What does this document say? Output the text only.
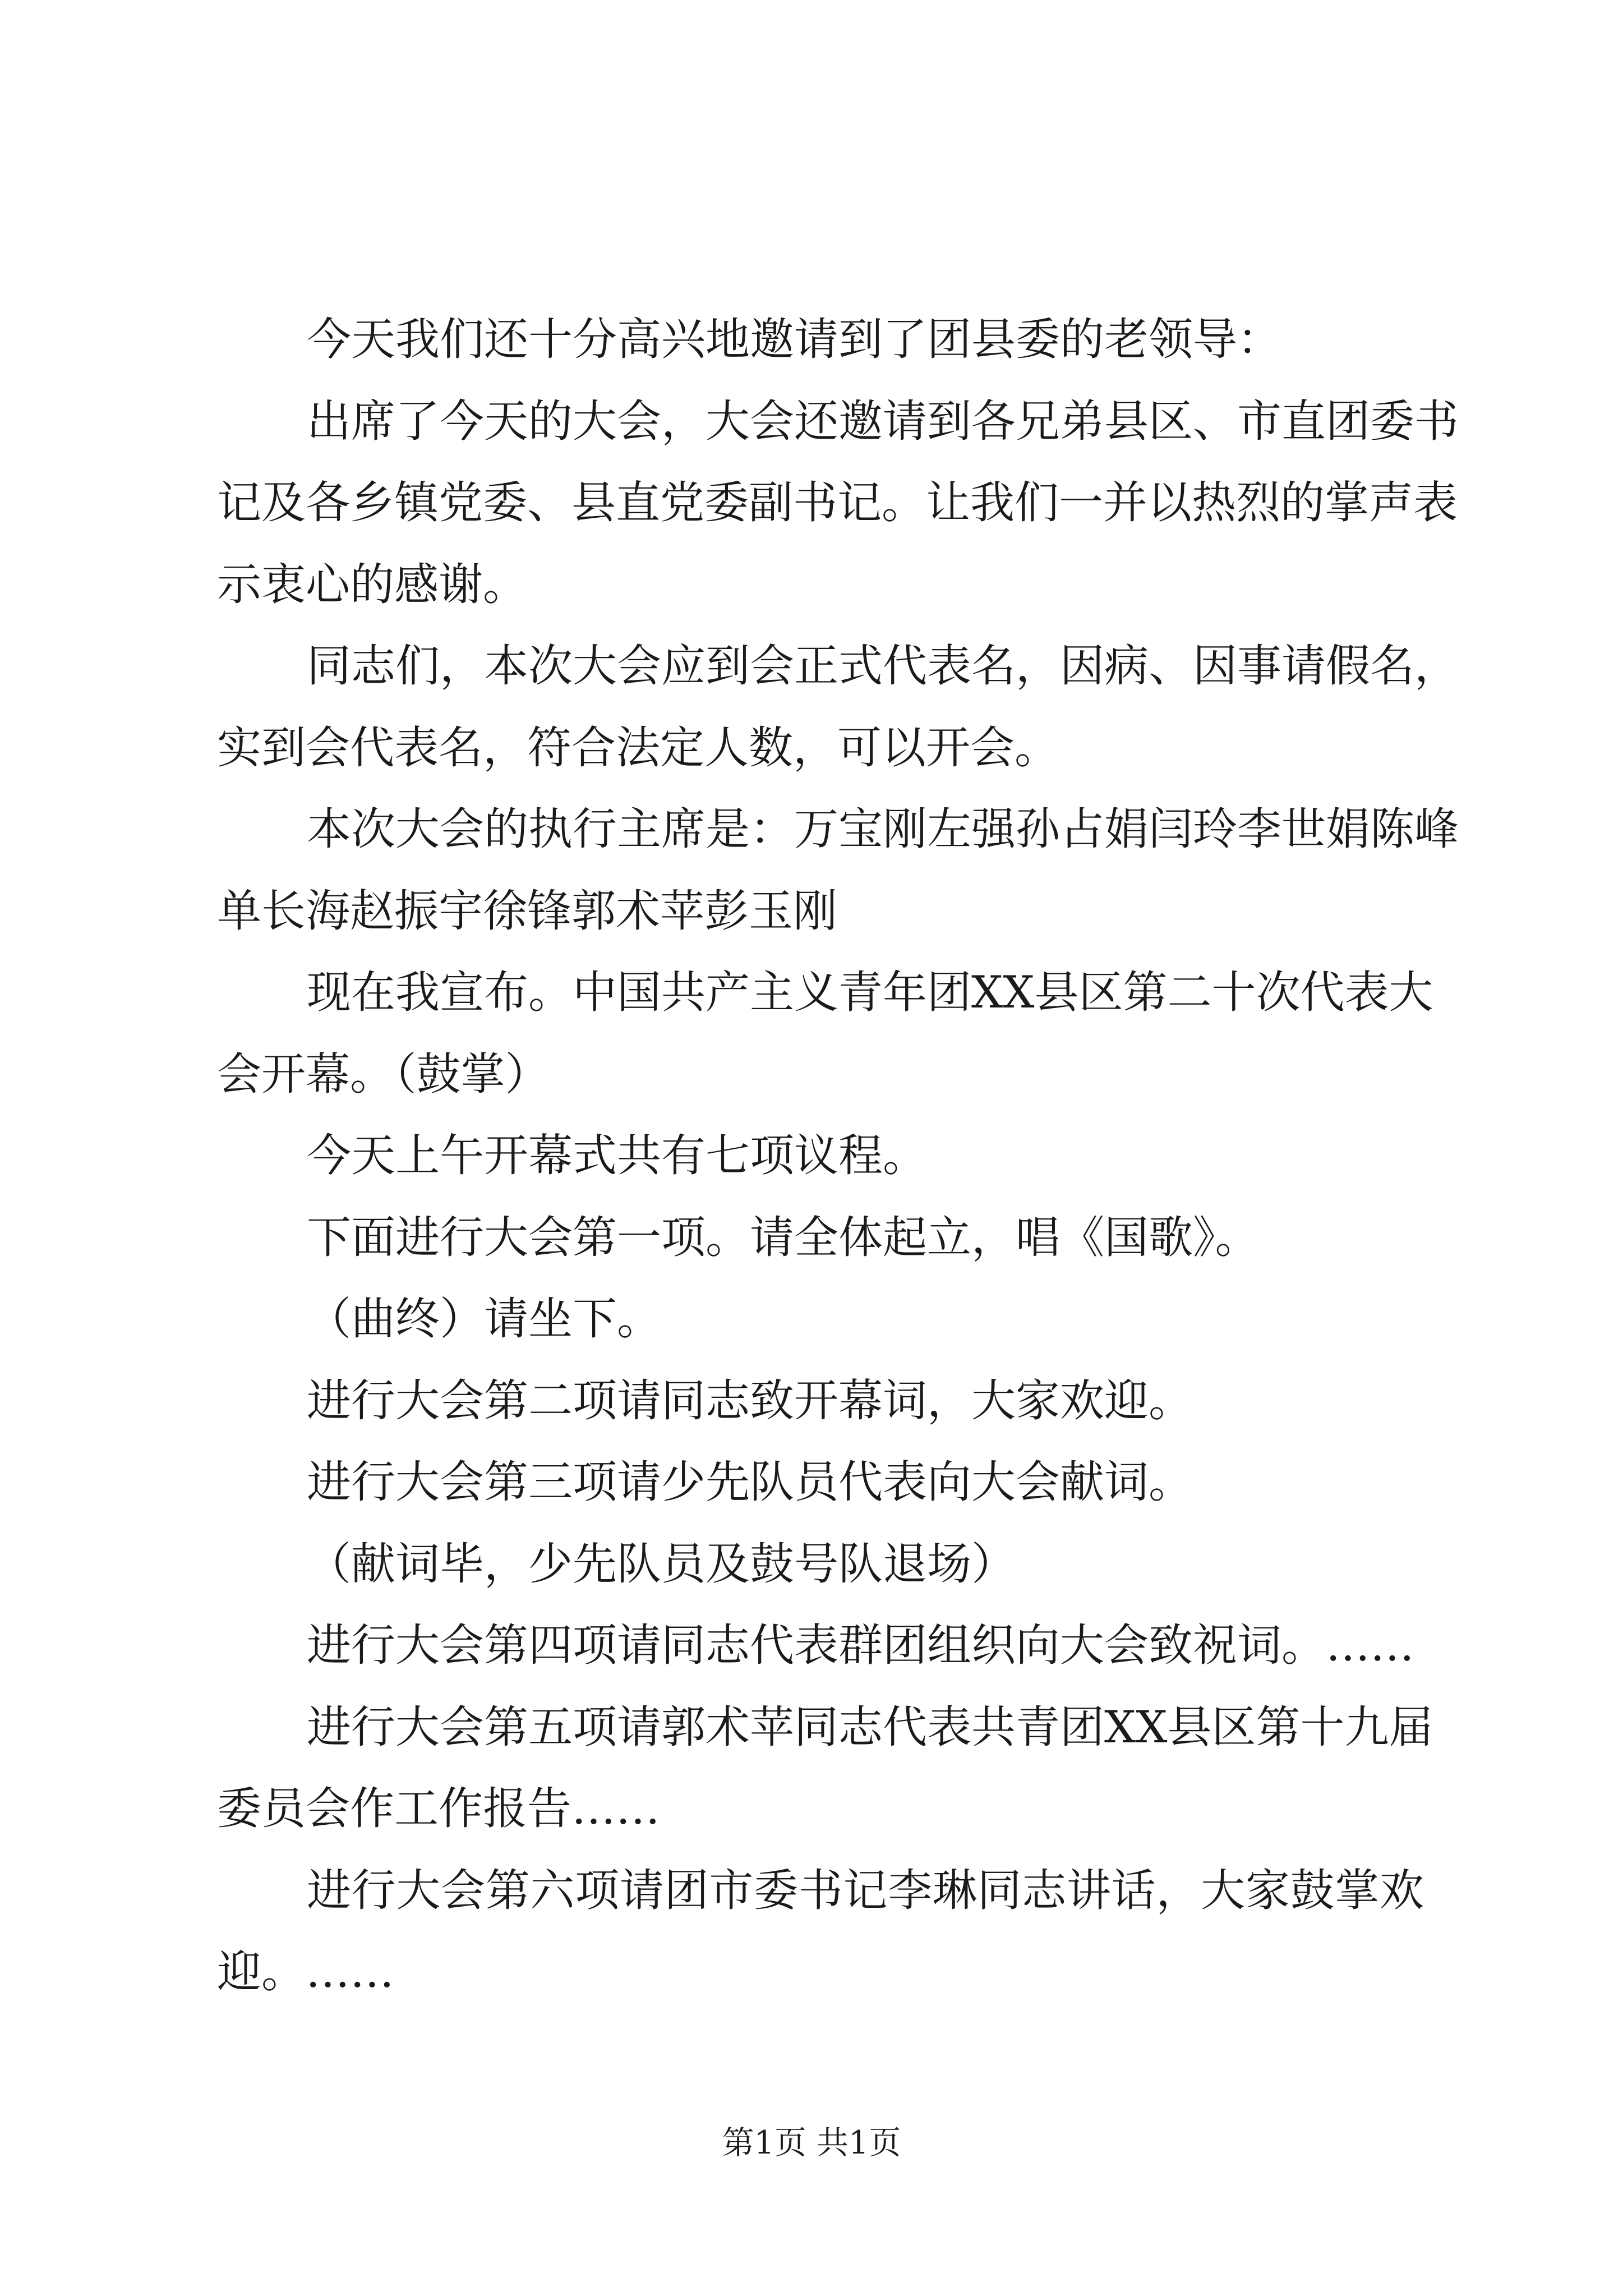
今天我们还十分高兴地邀请到了团县委的老领导：
出席了今天的大会，大会还邀请到各兄弟县区、市直团委书
记及各乡镇党委、县直党委副书记。让我们一并以热烈的掌声表
示衷心的感谢。
同志们，本次大会应到会正式代表名，因病、因事请假名，
实到会代表名，符合法定人数，可以开会。
本次大会的执行主席是：万宝刚左强孙占娟闫玲李世娟陈峰
单长海赵振宇徐锋郭术苹彭玉刚
现在我宣布。中国共产主义青年团XX县区第二十次代表大
会开幕。（鼓掌）
今天上午开幕式共有七项议程。
下面进行大会第一项。请全体起立，唱《国歌》。
（曲终）请坐下。
进行大会第二项请同志致开幕词，大家欢迎。
进行大会第三项请少先队员代表向大会献词。
（献词毕，少先队员及鼓号队退场）
进行大会第四项请同志代表群团组织向大会致祝词。……
进行大会第五项请郭术苹同志代表共青团XX县区第十九届
委员会作工作报告……
进行大会第六项请团市委书记李琳同志讲话，大家鼓掌欢
迎。……
第1页 共1页
